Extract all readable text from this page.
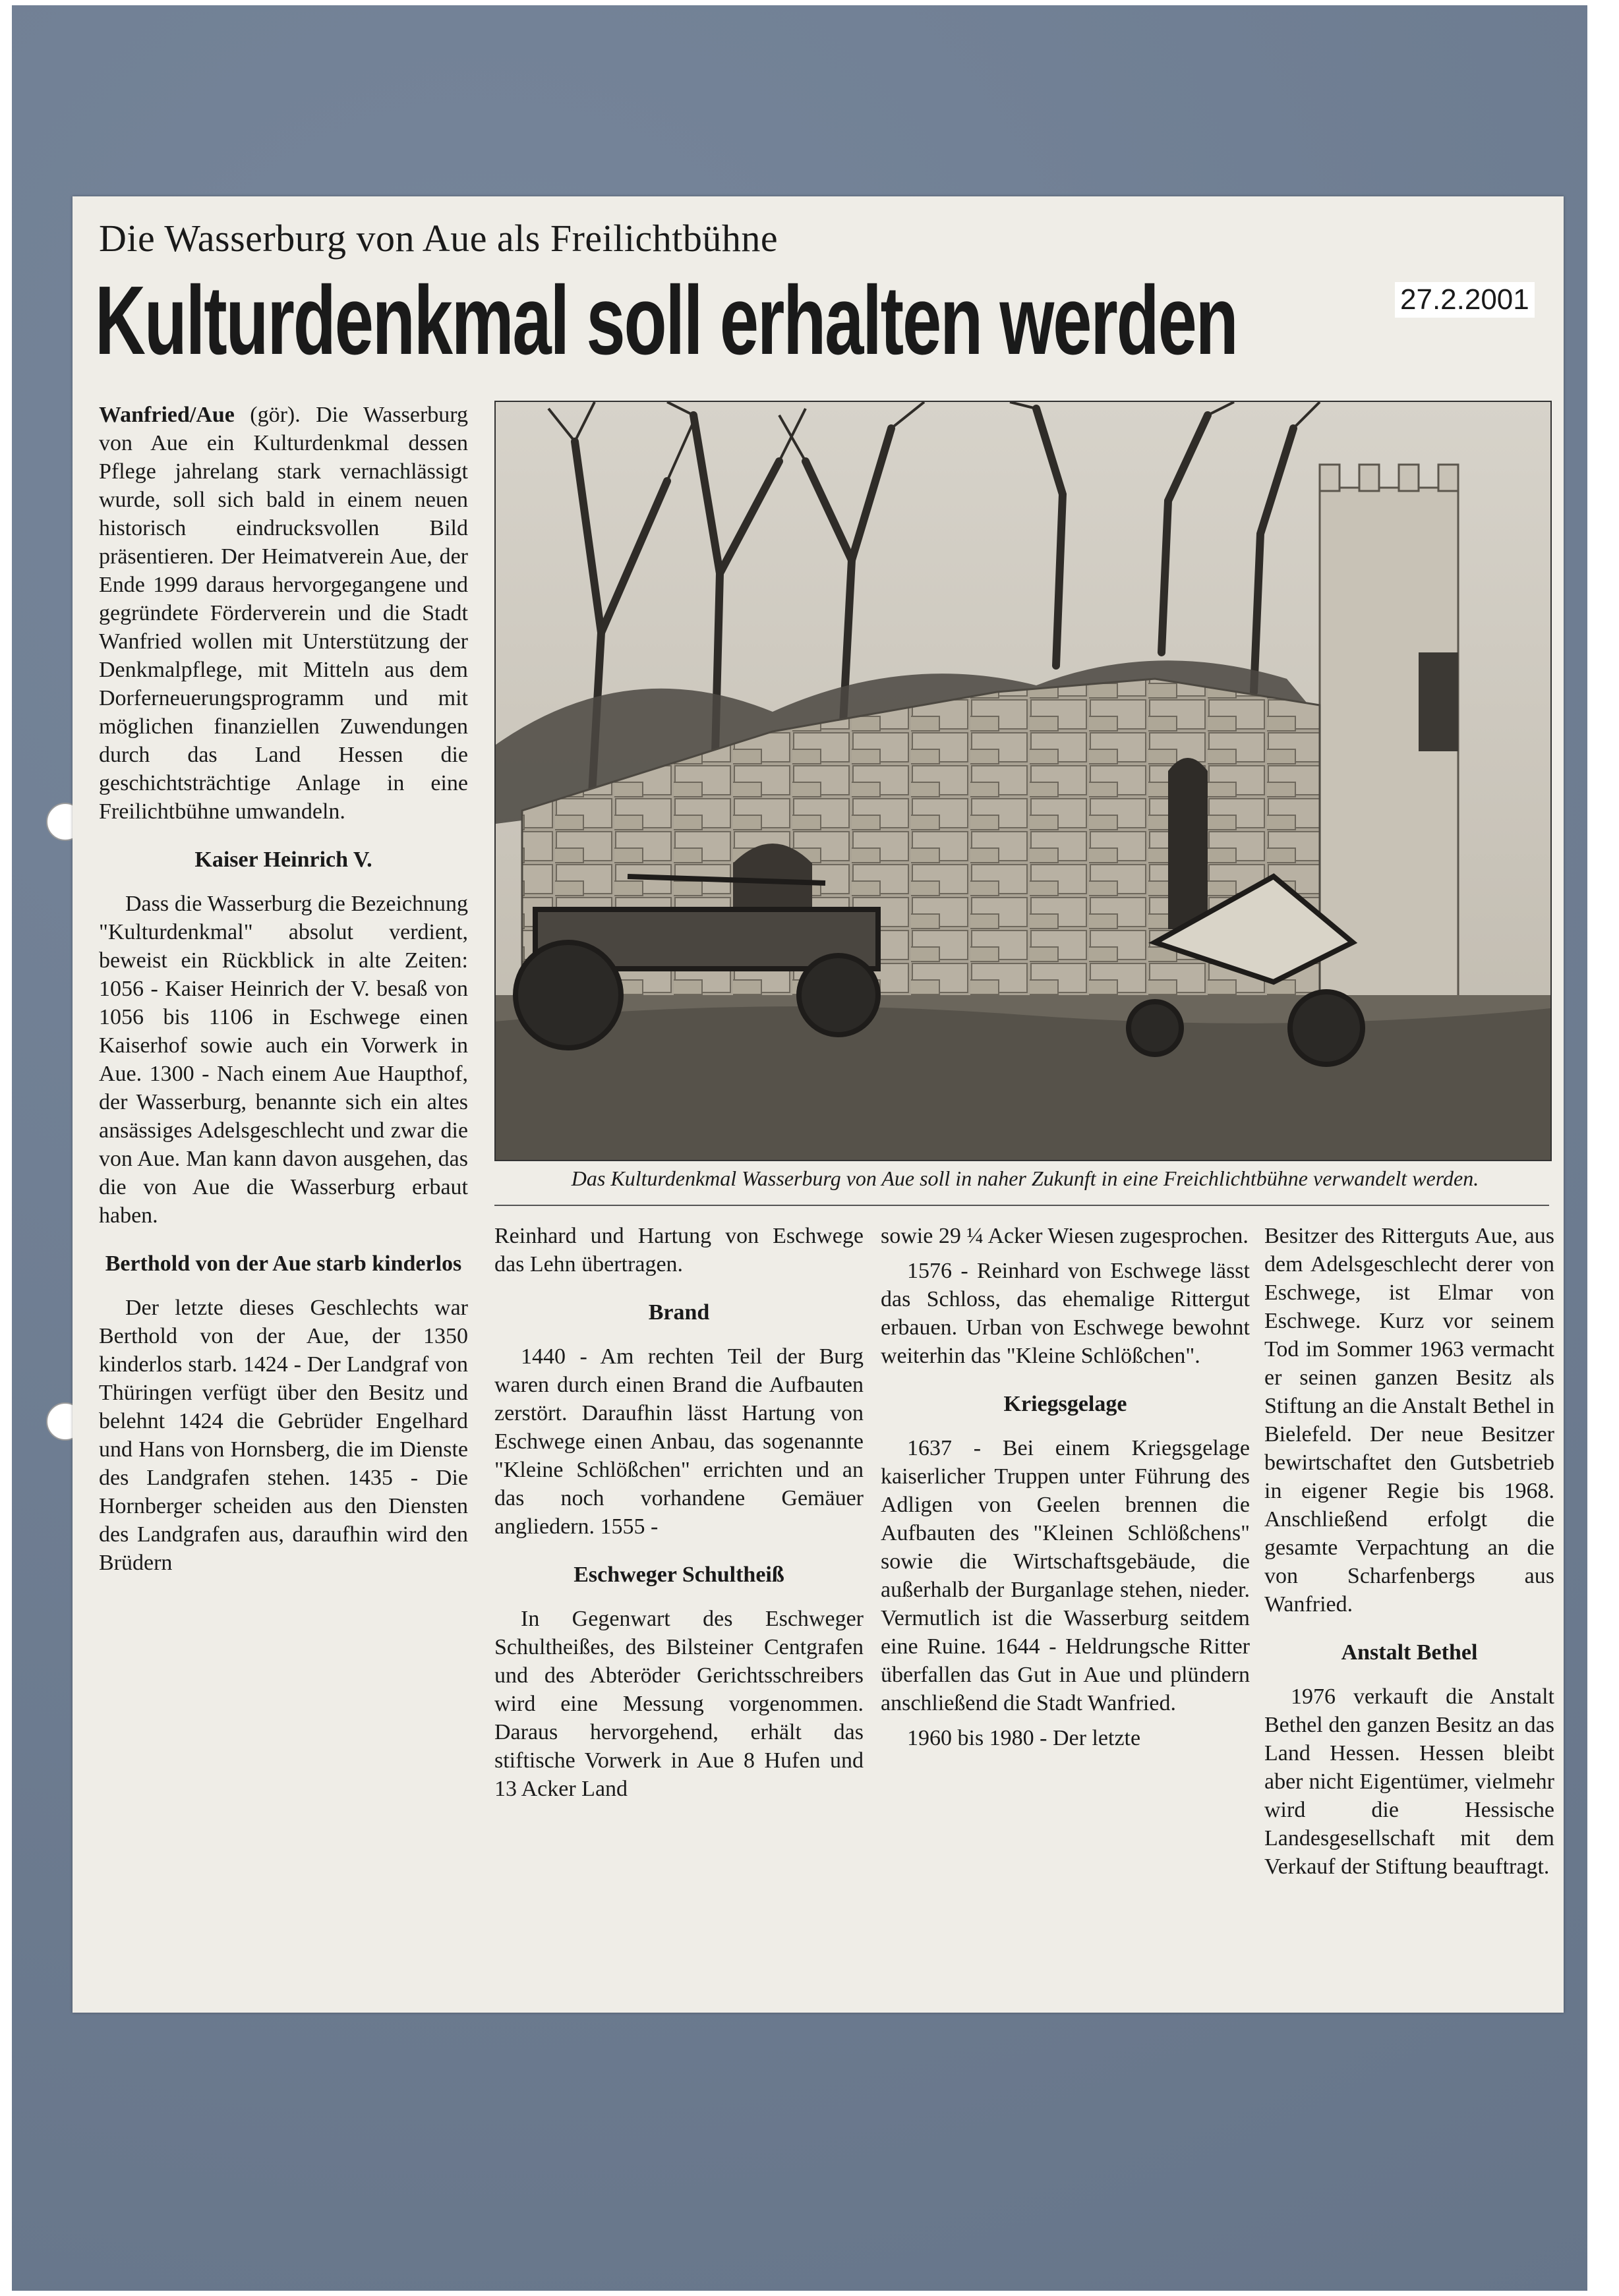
Die Wasserburg von Aue als Freilichtbühne
Kulturdenkmal soll erhalten werden	27.2.2001

Wanfried/Aue (gör). Die Wasserburg von Aue ein Kulturdenkmal dessen Pflege jahrelang stark vernachlässigt wurde, soll sich bald in einem neuen historisch eindrucksvollen Bild präsentieren. Der Heimatverein Aue, der Ende 1999 daraus hervorgegangene und gegründete Förderverein und die Stadt Wanfried wollen mit Unterstützung der Denkmalpflege, mit Mitteln aus dem Dorferneuerungsprogramm und mit möglichen finanziellen Zuwendungen durch das Land Hessen die geschichtsträchtige Anlage in eine Freilichtbühne umwandeln.

Kaiser Heinrich V.

Dass die Wasserburg die Bezeichnung "Kulturdenkmal" absolut verdient, beweist ein Rückblick in alte Zeiten: 1056 - Kaiser Heinrich der V. besaß von 1056 bis 1106 in Eschwege einen Kaiserhof sowie auch ein Vorwerk in Aue. 1300 - Nach einem Aue Haupthof, der Wasserburg, benannte sich ein altes ansässiges Adelsgeschlecht und zwar die von Aue. Man kann davon ausgehen, das die von Aue die Wasserburg erbaut haben.

Berthold von der Aue starb kinderlos

Der letzte dieses Geschlechts war Berthold von der Aue, der 1350 kinderlos starb. 1424 - Der Landgraf von Thüringen verfügt über den Besitz und belehnt 1424 die Gebrüder Engelhard und Hans von Hornsberg, die im Dienste des Landgrafen stehen. 1435 - Die Hornberger scheiden aus den Diensten des Landgrafen aus, daraufhin wird den Brüdern

Das Kulturdenkmal Wasserburg von Aue soll in naher Zukunft in eine Freichlichtbühne verwandelt werden.

Reinhard und Hartung von Eschwege das Lehn übertragen.

Brand

1440 - Am rechten Teil der Burg waren durch einen Brand die Aufbauten zerstört. Daraufhin lässt Hartung von Eschwege einen Anbau, das sogenannte "Kleine Schlößchen" errichten und an das noch vorhandene Gemäuer angliedern. 1555 -

Eschweger Schultheiß

In Gegenwart des Eschweger Schultheißes, des Bilsteiner Centgrafen und des Abteröder Gerichtsschreibers wird eine Messung vorgenommen. Daraus hervorgehend, erhält das stiftische Vorwerk in Aue 8 Hufen und 13 Acker Land

sowie 29 ¼ Acker Wiesen zugesprochen.

1576 - Reinhard von Eschwege lässt das Schloss, das ehemalige Rittergut erbauen. Urban von Eschwege bewohnt weiterhin das "Kleine Schlößchen".

Kriegsgelage

1637 - Bei einem Kriegsgelage kaiserlicher Truppen unter Führung des Adligen von Geelen brennen die Aufbauten des "Kleinen Schlößchens" sowie die Wirtschaftsgebäude, die außerhalb der Burganlage stehen, nieder. Vermutlich ist die Wasserburg seitdem eine Ruine. 1644 - Heldrungsche Ritter überfallen das Gut in Aue und plündern anschließend die Stadt Wanfried.

1960 bis 1980 - Der letzte

Besitzer des Ritterguts Aue, aus dem Adelsgeschlecht derer von Eschwege, ist Elmar von Eschwege. Kurz vor seinem Tod im Sommer 1963 vermacht er seinen ganzen Besitz als Stiftung an die Anstalt Bethel in Bielefeld. Der neue Besitzer bewirtschaftet den Gutsbetrieb in eigener Regie bis 1968. Anschließend erfolgt die gesamte Verpachtung an die von Scharfenbergs aus Wanfried.

Anstalt Bethel

1976 verkauft die Anstalt Bethel den ganzen Besitz an das Land Hessen. Hessen bleibt aber nicht Eigentümer, vielmehr wird die Hessische Landesgesellschaft mit dem Verkauf der Stiftung beauftragt.
